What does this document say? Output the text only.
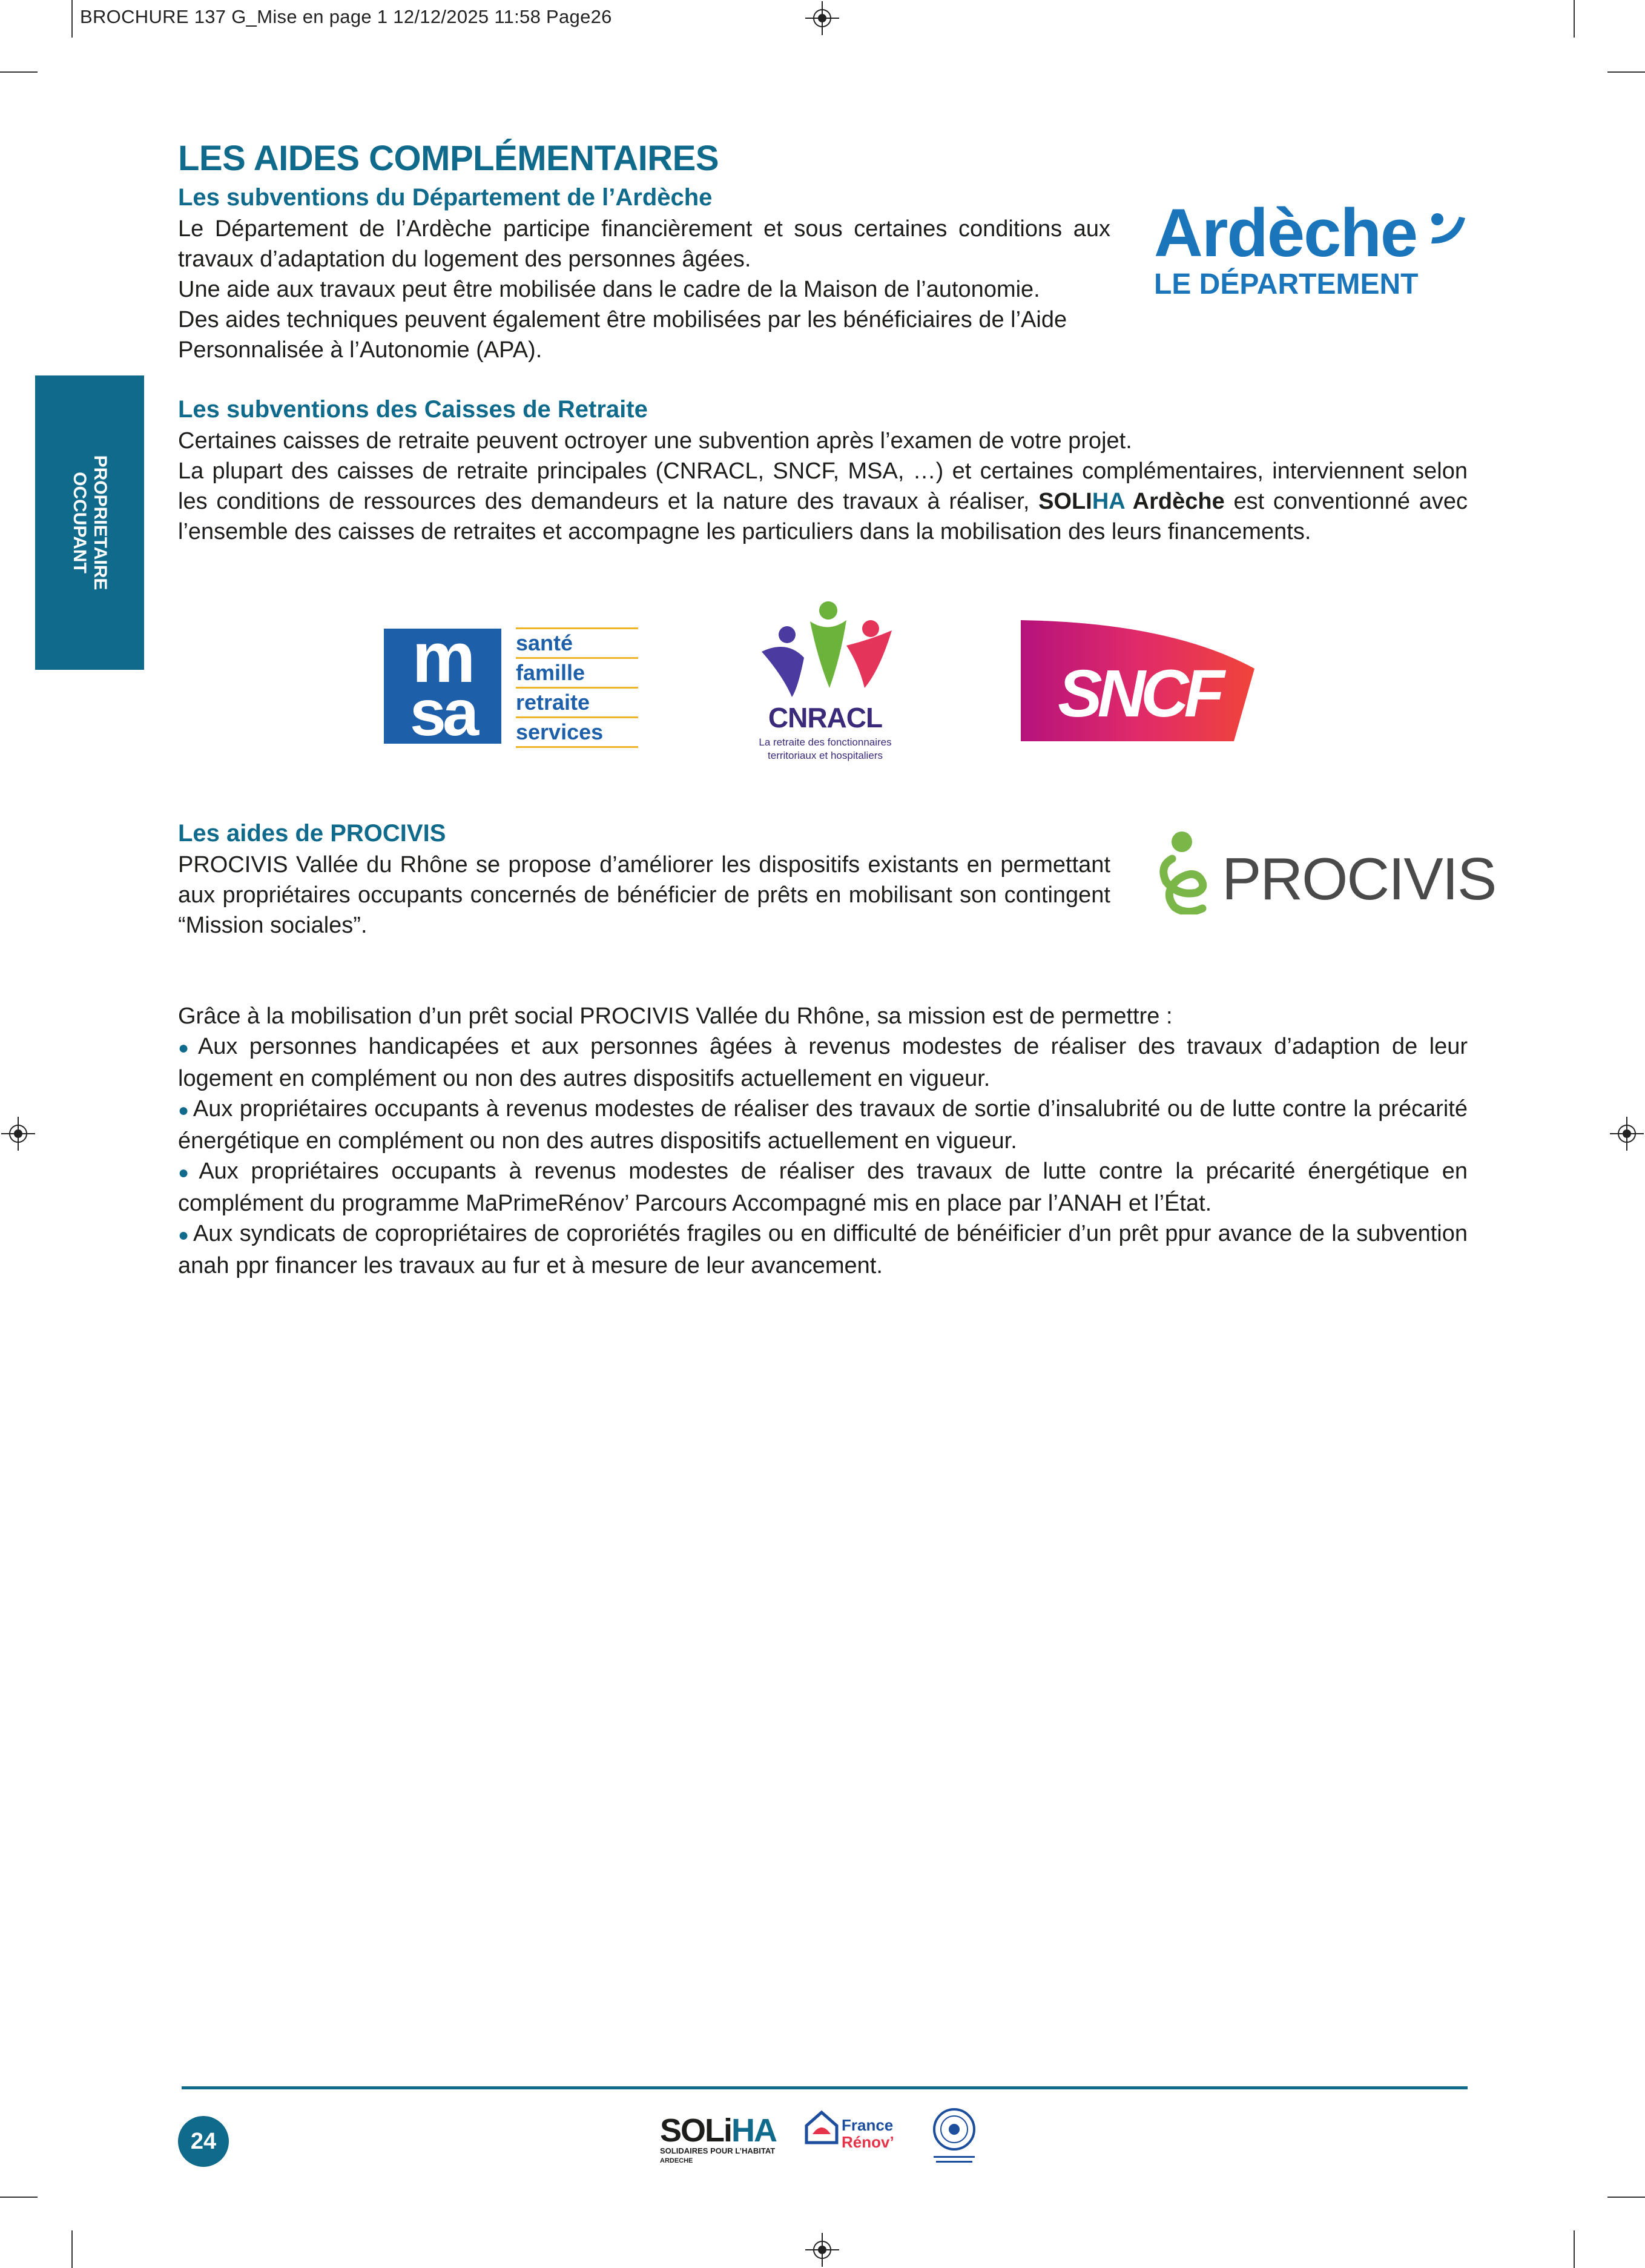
BROCHURE 137 G_Mise en page 1 12/12/2025 11:58 Page26
PROPRIETAIRE
OCCUPANT
LES AIDES COMPLÉMENTAIRES
Les subventions du Département de l’Ardèche

Le Département de l’Ardèche participe financièrement et sous certaines conditions aux travaux d’adaptation du logement des personnes âgées.

Une aide aux travaux peut être mobilisée dans le cadre de la Maison de l’autonomie.

Des aides techniques peuvent également être mobilisées par les bénéficiaires de l’Aide Personnalisée à l’Autonomie (APA).

Ardèche
LE DÉPARTEMENT
Les subventions des Caisses de Retraite

Certaines caisses de retraite peuvent octroyer une subvention après l’examen de votre projet.

La plupart des caisses de retraite principales (CNRACL, SNCF, MSA, …) et certaines complémentaires, interviennent selon les conditions de ressources des demandeurs et la nature des travaux à réaliser, SOLIHA Ardèche est conventionné avec l’ensemble des caisses de retraites et accompagne les particuliers dans la mobilisation des leurs financements.

m
sa
santé
famille
retraite
services	CNRACL
La retraite des fonctionnaires
territoriaux et hospitaliers
SNCF
Les aides de PROCIVIS

PROCIVIS Vallée du Rhône se propose d’améliorer les dispositifs existants en permettant aux propriétaires occupants concernés de bénéficier de prêts en mobilisant son contingent “Mission sociales”.

PROCIVIS

Grâce à la mobilisation d’un prêt social PROCIVIS Vallée du Rhône, sa mission est de permettre :

● Aux personnes handicapées et aux personnes âgées à revenus modestes de réaliser des travaux d’adaption de leur logement en complément ou non des autres dispositifs actuellement en vigueur.

● Aux propriétaires occupants à revenus modestes de réaliser des travaux de sortie d’insalubrité ou de lutte contre la précarité énergétique en complément ou non des autres dispositifs actuellement en vigueur.

● Aux propriétaires occupants à revenus modestes de réaliser des travaux de lutte contre la précarité énergétique en complément du programme MaPrimeRénov’ Parcours Accompagné mis en place par l’ANAH et l’État.

● Aux syndicats de copropriétaires de coproriétés fragiles ou en difficulté de bénéificier d’un prêt ppur avance de la subvention anah ppr financer les travaux au fur et à mesure de leur avancement.

24	SOLiHA
SOLIDAIRES POUR L’HABITAT
ARDECHE
France
Rénov’
